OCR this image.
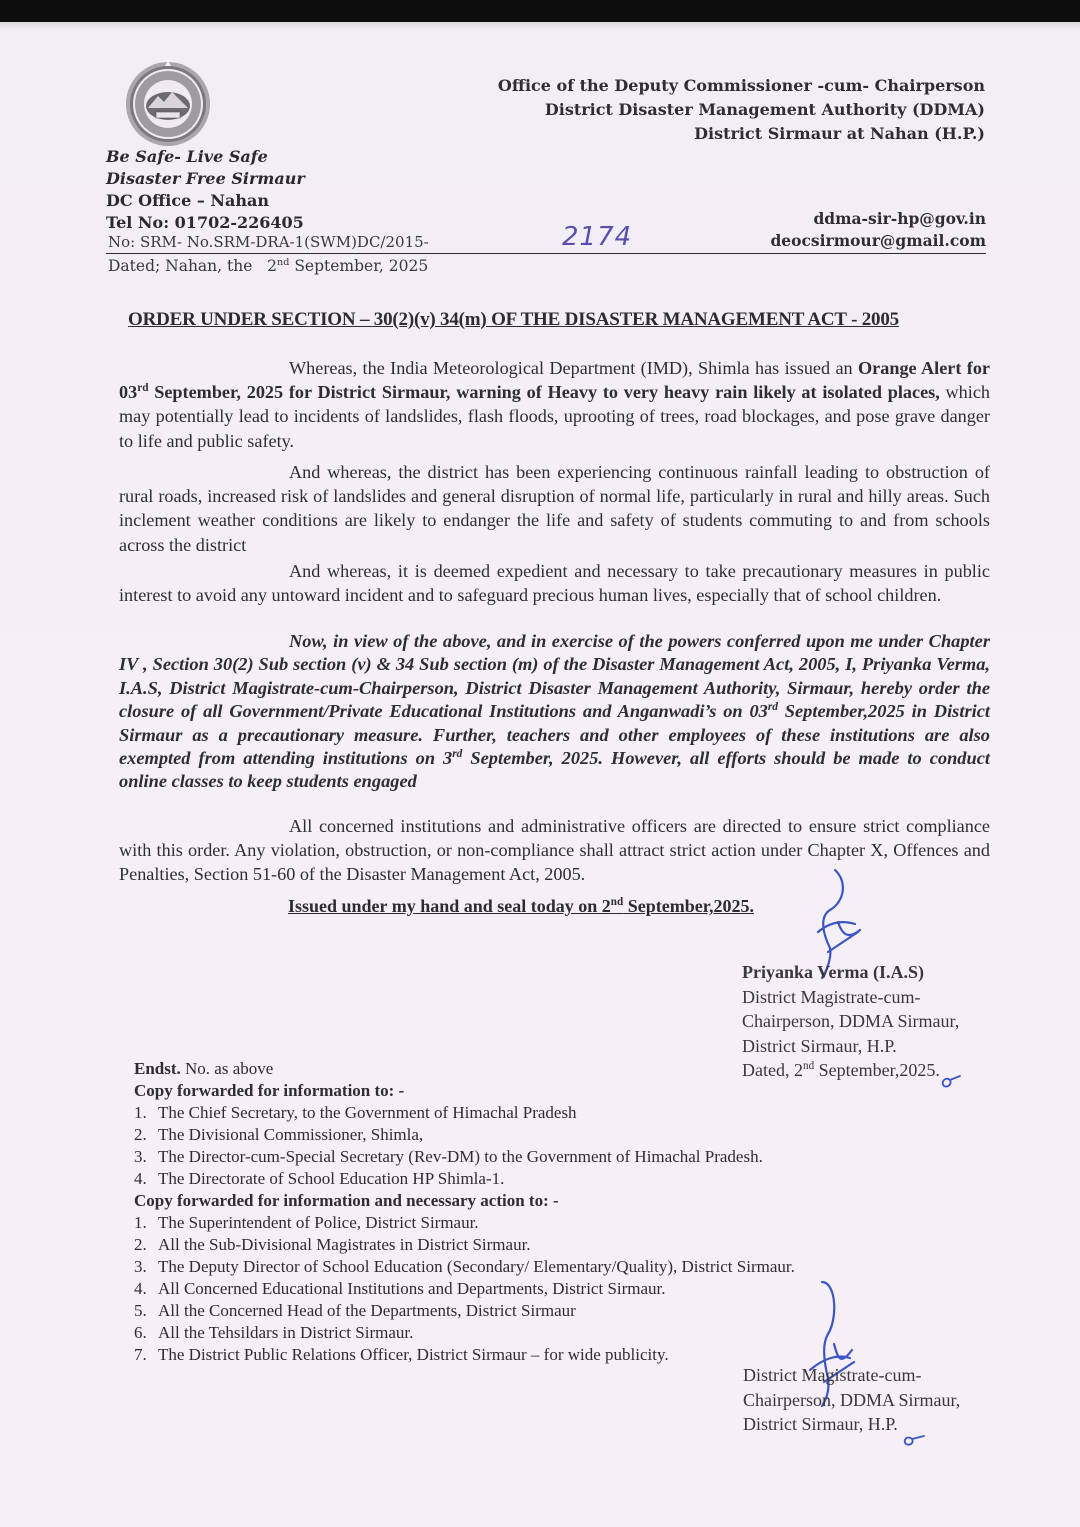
Be Safe- Live Safe
Disaster Free Sirmaur
DC Office – Nahan
Tel No: 01702-226405
Office of the Deputy Commissioner -cum- Chairperson
District Disaster Management Authority (DDMA)
District Sirmaur at Nahan (H.P.)
ddma-sir-hp@gov.in
deocsirmour@gmail.com
No: SRM- No.SRM-DRA-1(SWM)DC/2015-	2174
Dated; Nahan, the 2nd September, 2025
ORDER UNDER SECTION – 30(2)(v) 34(m) OF THE DISASTER MANAGEMENT ACT - 2005
Whereas, the India Meteorological Department (IMD), Shimla has issued an Orange Alert for 03rd September, 2025 for District Sirmaur, warning of Heavy to very heavy rain likely at isolated places, which may potentially lead to incidents of landslides, flash floods, uprooting of trees, road blockages, and pose grave danger to life and public safety.
And whereas, the district has been experiencing continuous rainfall leading to obstruction of rural roads, increased risk of landslides and general disruption of normal life, particularly in rural and hilly areas. Such inclement weather conditions are likely to endanger the life and safety of students commuting to and from schools across the district
And whereas, it is deemed expedient and necessary to take precautionary measures in public interest to avoid any untoward incident and to safeguard precious human lives, especially that of school children.
Now, in view of the above, and in exercise of the powers conferred upon me under Chapter IV , Section 30(2) Sub section (v) & 34 Sub section (m) of the Disaster Management Act, 2005, I, Priyanka Verma, I.A.S, District Magistrate-cum-Chairperson, District Disaster Management Authority, Sirmaur, hereby order the closure of all Government/Private Educational Institutions and Anganwadi’s on 03rd September,2025 in District Sirmaur as a precautionary measure. Further, teachers and other employees of these institutions are also exempted from attending institutions on 3rd September, 2025. However, all efforts should be made to conduct online classes to keep students engaged
All concerned institutions and administrative officers are directed to ensure strict compliance with this order. Any violation, obstruction, or non-compliance shall attract strict action under Chapter X, Offences and Penalties, Section 51-60 of the Disaster Management Act, 2005.
Issued under my hand and seal today on 2nd September,2025.
Priyanka Verma (I.A.S)
District Magistrate-cum-
Chairperson, DDMA Sirmaur,
District Sirmaur, H.P.
Dated, 2nd September,2025.
Endst. No. as above
Copy forwarded for information to: -
1. The Chief Secretary, to the Government of Himachal Pradesh
2. The Divisional Commissioner, Shimla,
3. The Director-cum-Special Secretary (Rev-DM) to the Government of Himachal Pradesh.
4. The Directorate of School Education HP Shimla-1.
Copy forwarded for information and necessary action to: -
1. The Superintendent of Police, District Sirmaur.
2. All the Sub-Divisional Magistrates in District Sirmaur.
3. The Deputy Director of School Education (Secondary/ Elementary/Quality), District Sirmaur.
4. All Concerned Educational Institutions and Departments, District Sirmaur.
5. All the Concerned Head of the Departments, District Sirmaur
6. All the Tehsildars in District Sirmaur.
7. The District Public Relations Officer, District Sirmaur – for wide publicity.
District Magistrate-cum-
Chairperson, DDMA Sirmaur,
District Sirmaur, H.P.
